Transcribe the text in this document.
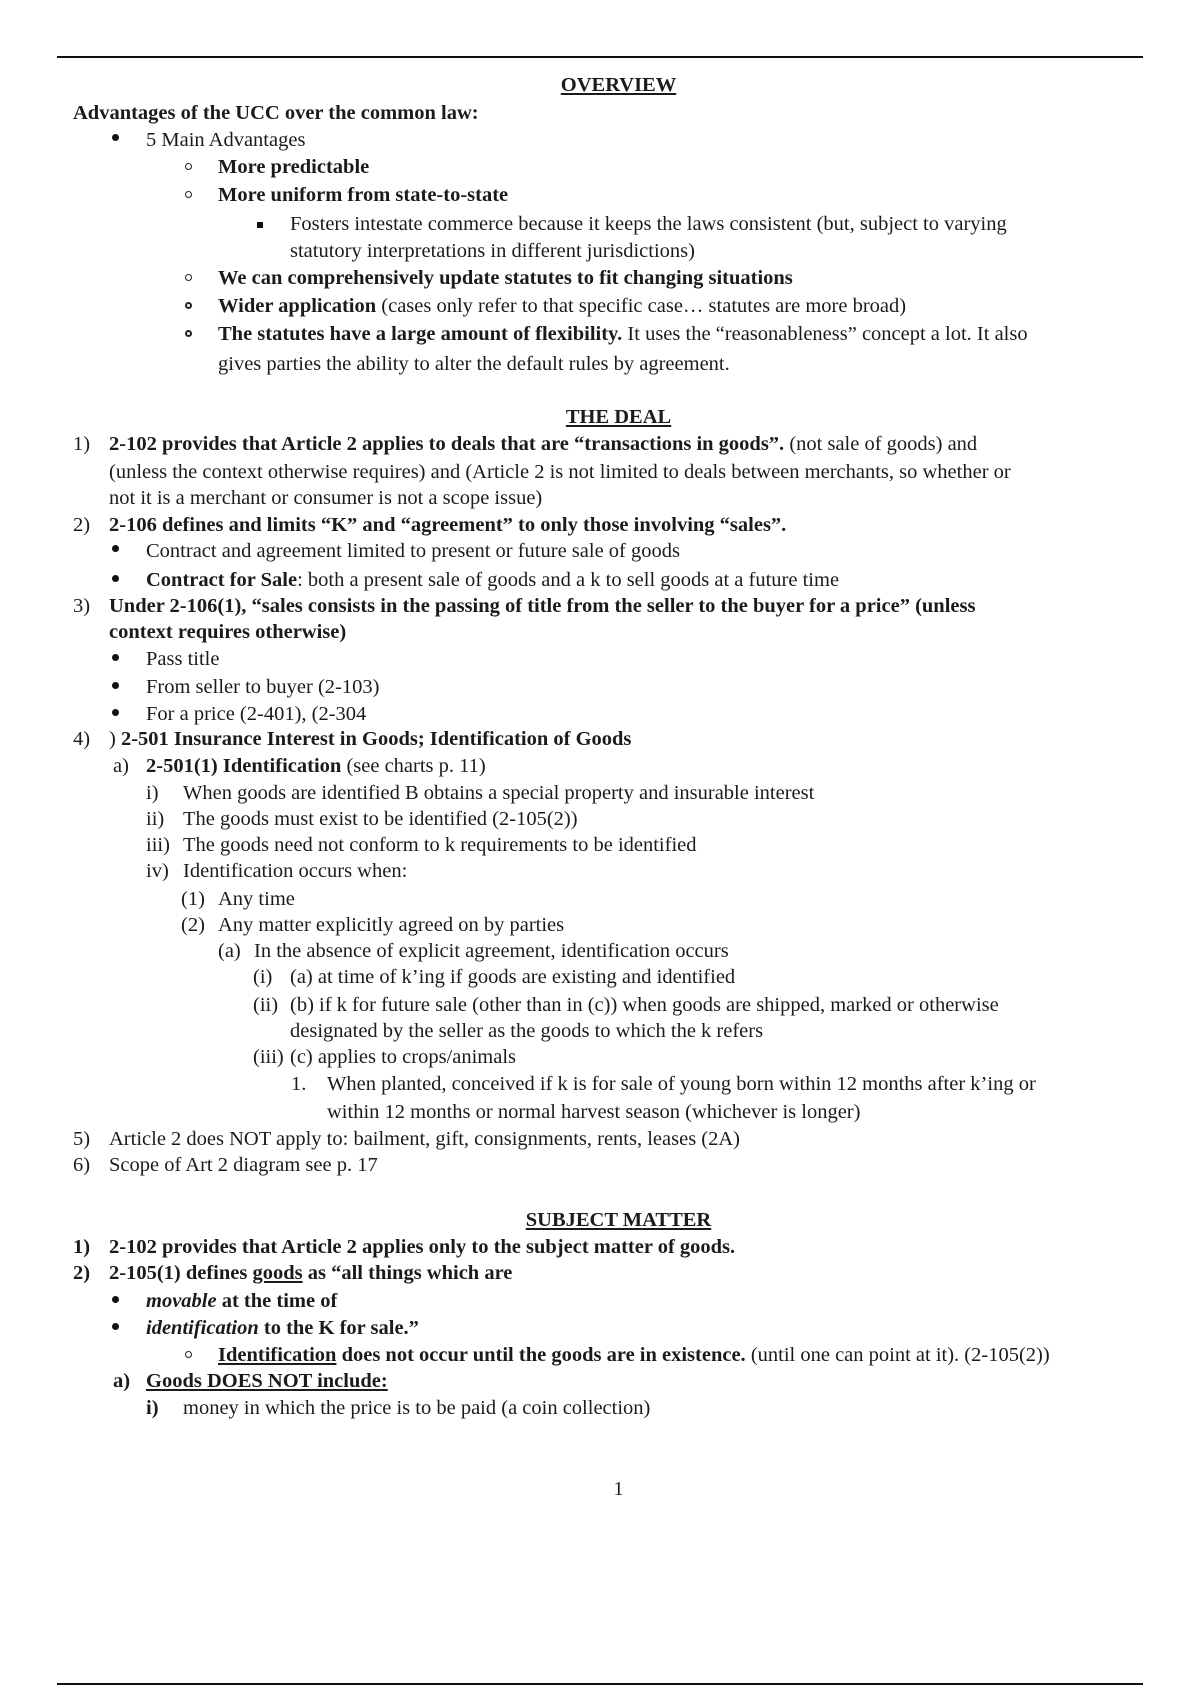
OVERVIEW
Advantages of the UCC over the common law:
5 Main Advantages
More predictable
More uniform from state-to-state
Fosters intestate commerce because it keeps the laws consistent (but, subject to varying
statutory interpretations in different jurisdictions)
We can comprehensively update statutes to fit changing situations
Wider application (cases only refer to that specific case… statutes are more broad)
The statutes have a large amount of flexibility. It uses the “reasonableness” concept a lot. It also
gives parties the ability to alter the default rules by agreement.
THE DEAL
1) 2-102 provides that Article 2 applies to deals that are “transactions in goods”. (not sale of goods) and
(unless the context otherwise requires) and (Article 2 is not limited to deals between merchants, so whether or
not it is a merchant or consumer is not a scope issue)
2) 2-106 defines and limits “K” and “agreement” to only those involving “sales”.
Contract and agreement limited to present or future sale of goods
Contract for Sale: both a present sale of goods and a k to sell goods at a future time
3) Under 2-106(1), “sales consists in the passing of title from the seller to the buyer for a price” (unless
context requires otherwise)
Pass title
From seller to buyer (2-103)
For a price (2-401), (2-304
4) ) 2-501 Insurance Interest in Goods; Identification of Goods
a) 2-501(1) Identification (see charts p. 11)
i) When goods are identified B obtains a special property and insurable interest
ii) The goods must exist to be identified (2-105(2))
iii) The goods need not conform to k requirements to be identified
iv) Identification occurs when:
(1) Any time
(2) Any matter explicitly agreed on by parties
(a) In the absence of explicit agreement, identification occurs
(i) (a) at time of k’ing if goods are existing and identified
(ii) (b) if k for future sale (other than in (c)) when goods are shipped, marked or otherwise
designated by the seller as the goods to which the k refers
(iii) (c) applies to crops/animals
1. When planted, conceived if k is for sale of young born within 12 months after k’ing or
within 12 months or normal harvest season (whichever is longer)
5) Article 2 does NOT apply to: bailment, gift, consignments, rents, leases (2A)
6) Scope of Art 2 diagram see p. 17
SUBJECT MATTER
1) 2-102 provides that Article 2 applies only to the subject matter of goods.
2) 2-105(1) defines goods as “all things which are
movable at the time of
identification to the K for sale.”
Identification does not occur until the goods are in existence. (until one can point at it). (2-105(2))
a) Goods DOES NOT include:
i) money in which the price is to be paid (a coin collection)
1
